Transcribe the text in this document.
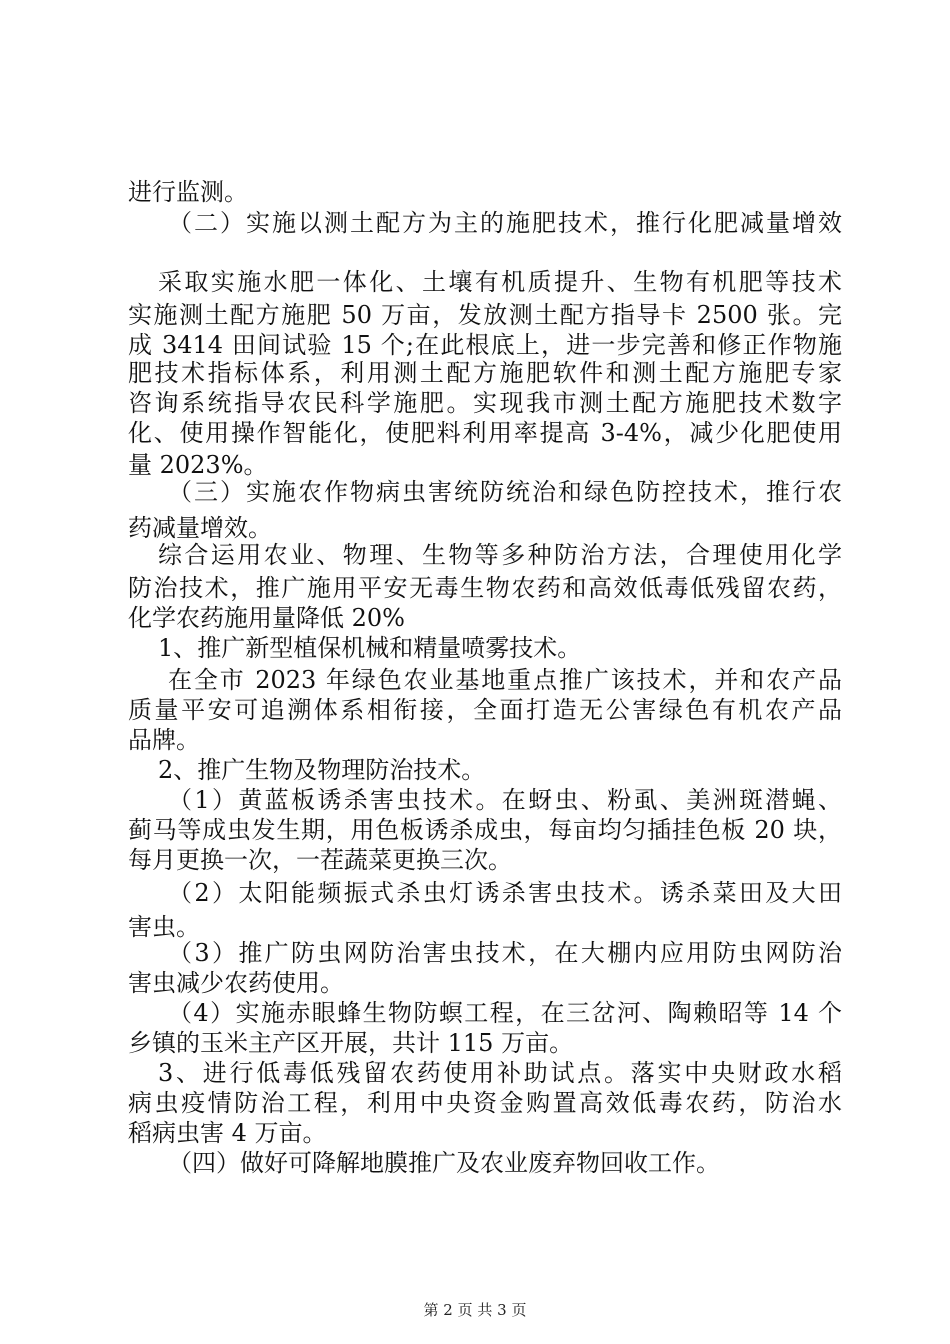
进行监测。
（二）实施以测土配方为主的施肥技术，推行化肥减量增效
采取实施水肥一体化、土壤有机质提升、生物有机肥等技术
实施测土配方施肥 50 万亩，发放测土配方指导卡 2500 张。完
成 3414 田间试验 15 个;在此根底上，进一步完善和修正作物施
肥技术指标体系，利用测土配方施肥软件和测土配方施肥专家
咨询系统指导农民科学施肥。实现我市测土配方施肥技术数字
化、使用操作智能化，使肥料利用率提高 3-4%，减少化肥使用
量 2023%。
（三）实施农作物病虫害统防统治和绿色防控技术，推行农
药减量增效。
综合运用农业、物理、生物等多种防治方法，合理使用化学
防治技术，推广施用平安无毒生物农药和高效低毒低残留农药，
化学农药施用量降低 20%
1、推广新型植保机械和精量喷雾技术。
在全市 2023 年绿色农业基地重点推广该技术，并和农产品
质量平安可追溯体系相衔接，全面打造无公害绿色有机农产品
品牌。
2、推广生物及物理防治技术。
（1）黄蓝板诱杀害虫技术。在蚜虫、粉虱、美洲斑潜蝇、
蓟马等成虫发生期，用色板诱杀成虫，每亩均匀插挂色板 20 块，
每月更换一次，一茬蔬菜更换三次。
（2）太阳能频振式杀虫灯诱杀害虫技术。诱杀菜田及大田
害虫。
（3）推广防虫网防治害虫技术，在大棚内应用防虫网防治
害虫减少农药使用。
（4）实施赤眼蜂生物防螟工程，在三岔河、陶赖昭等 14 个
乡镇的玉米主产区开展，共计 115 万亩。
3、进行低毒低残留农药使用补助试点。落实中央财政水稻
病虫疫情防治工程，利用中央资金购置高效低毒农药，防治水
稻病虫害 4 万亩。
（四）做好可降解地膜推广及农业废弃物回收工作。
第 2 页 共 3 页
